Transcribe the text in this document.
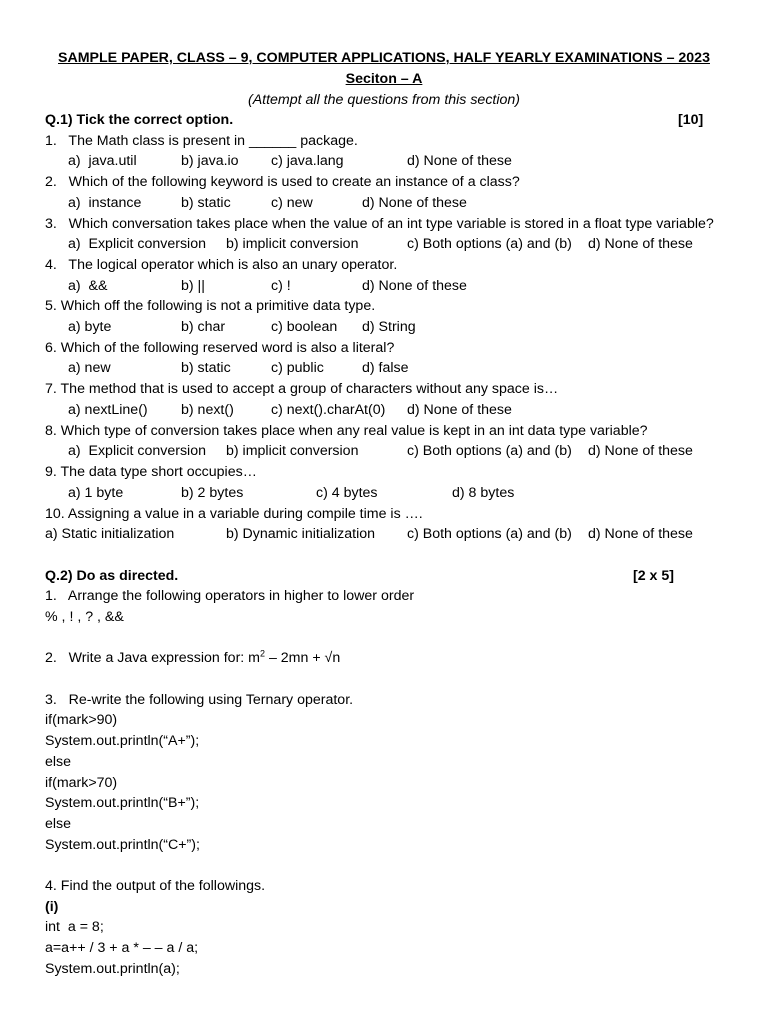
SAMPLE PAPER, CLASS – 9, COMPUTER APPLICATIONS, HALF YEARLY EXAMINATIONS – 2023
Seciton – A
(Attempt all the questions from this section)
Q.1) Tick the correct option.	[10]
1.   The Math class is present in ______ package.
a)  java.util	b) java.io c) java.lang	d) None of these
2.   Which of the following keyword is used to create an instance of a class?
a)  instance	b) static	c) new	d) None of these
3.   Which conversation takes place when the value of an int type variable is stored in a float type variable?
a)  Explicit conversion b) implicit conversion	c) Both options (a) and (b) d) None of these
4.   The logical operator which is also an unary operator.
a)  &&	b) ||	c) !	d) None of these
5. Which off the following is not a primitive data type.
a) byte	b) char	c) boolean d) String
6. Which of the following reserved word is also a literal?
a) new	b) static	c) public	d) false
7. The method that is used to accept a group of characters without any space is…
a) nextLine() b) next()	c) next().charAt(0) d) None of these
8. Which type of conversion takes place when any real value is kept in an int data type variable?
a)  Explicit conversion b) implicit conversion	c) Both options (a) and (b) d) None of these
9. The data type short occupies…
a) 1 byte	b) 2 bytes	c) 4 bytes	d) 8 bytes
10. Assigning a value in a variable during compile time is ….
a) Static initialization	b) Dynamic initialization c) Both options (a) and (b) d) None of these
Q.2) Do as directed.	[2 x 5]
1.   Arrange the following operators in higher to lower order
% , ! , ? , &&
2.   Write a Java expression for: $m^2 - 2mn + √n$
3.   Re-write the following using Ternary operator.
if(mark>90)
System.out.println(“A+”);
else
if(mark>70)
System.out.println(“B+”);
else
System.out.println(“C+”);
4. Find the output of the followings.
(i)
int  a = 8;
a=a++ / 3 + a * – – a / a;
System.out.println(a);
